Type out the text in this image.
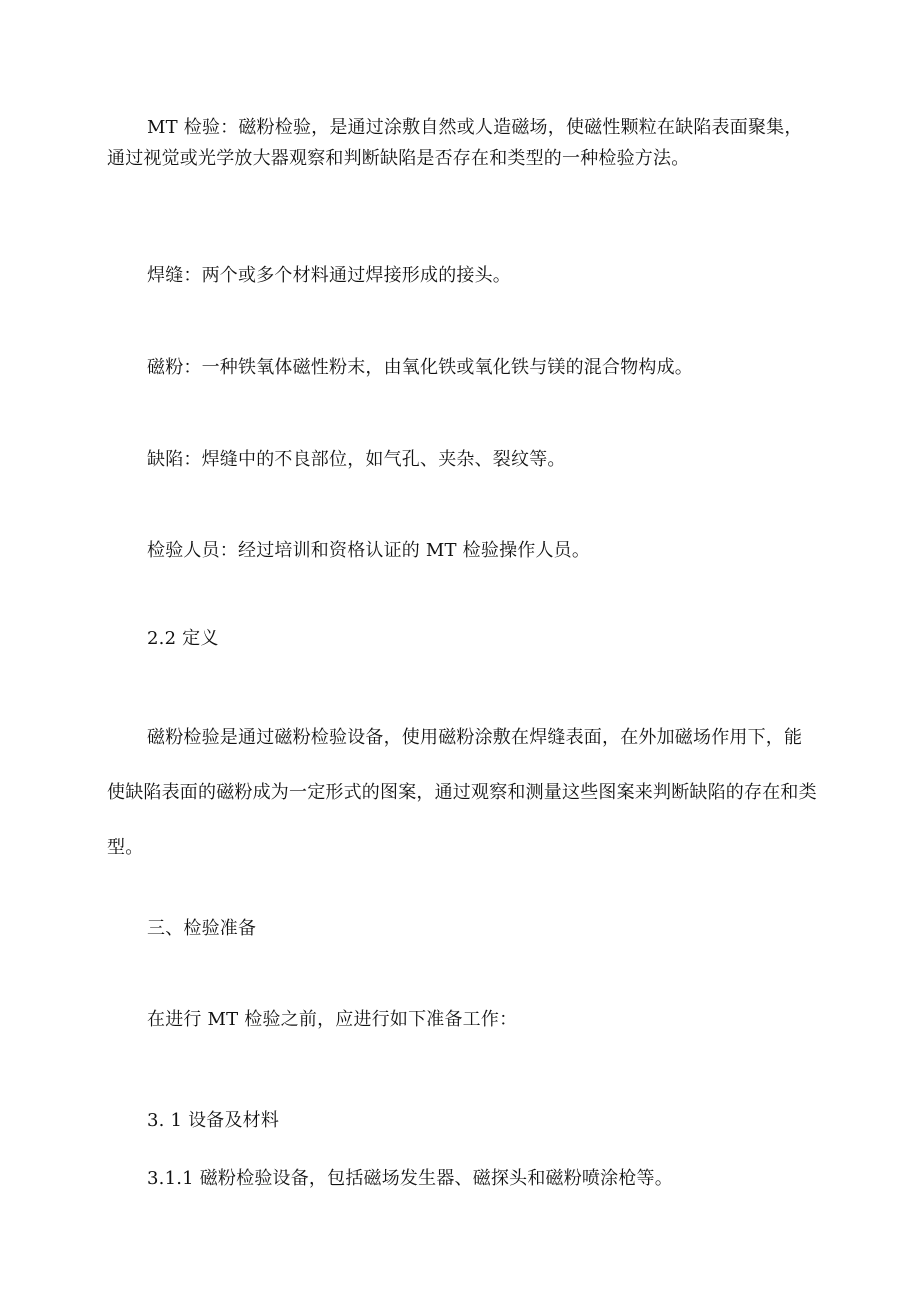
MT 检验：磁粉检验，是通过涂敷自然或人造磁场，使磁性颗粒在缺陷表面聚集，通过视觉或光学放大器观察和判断缺陷是否存在和类型的一种检验方法。

焊缝：两个或多个材料通过焊接形成的接头。
磁粉：一种铁氧体磁性粉末，由氧化铁或氧化铁与镁的混合物构成。
缺陷：焊缝中的不良部位，如气孔、夹杂、裂纹等。
检验人员：经过培训和资格认证的 MT 检验操作人员。
2.2 定义

磁粉检验是通过磁粉检验设备，使用磁粉涂敷在焊缝表面，在外加磁场作用下，能使缺陷表面的磁粉成为一定形式的图案，通过观察和测量这些图案来判断缺陷的存在和类型。

三、检验准备
在进行 MT 检验之前，应进行如下准备工作：
3. 1 设备及材料
3.1.1 磁粉检验设备，包括磁场发生器、磁探头和磁粉喷涂枪等。
